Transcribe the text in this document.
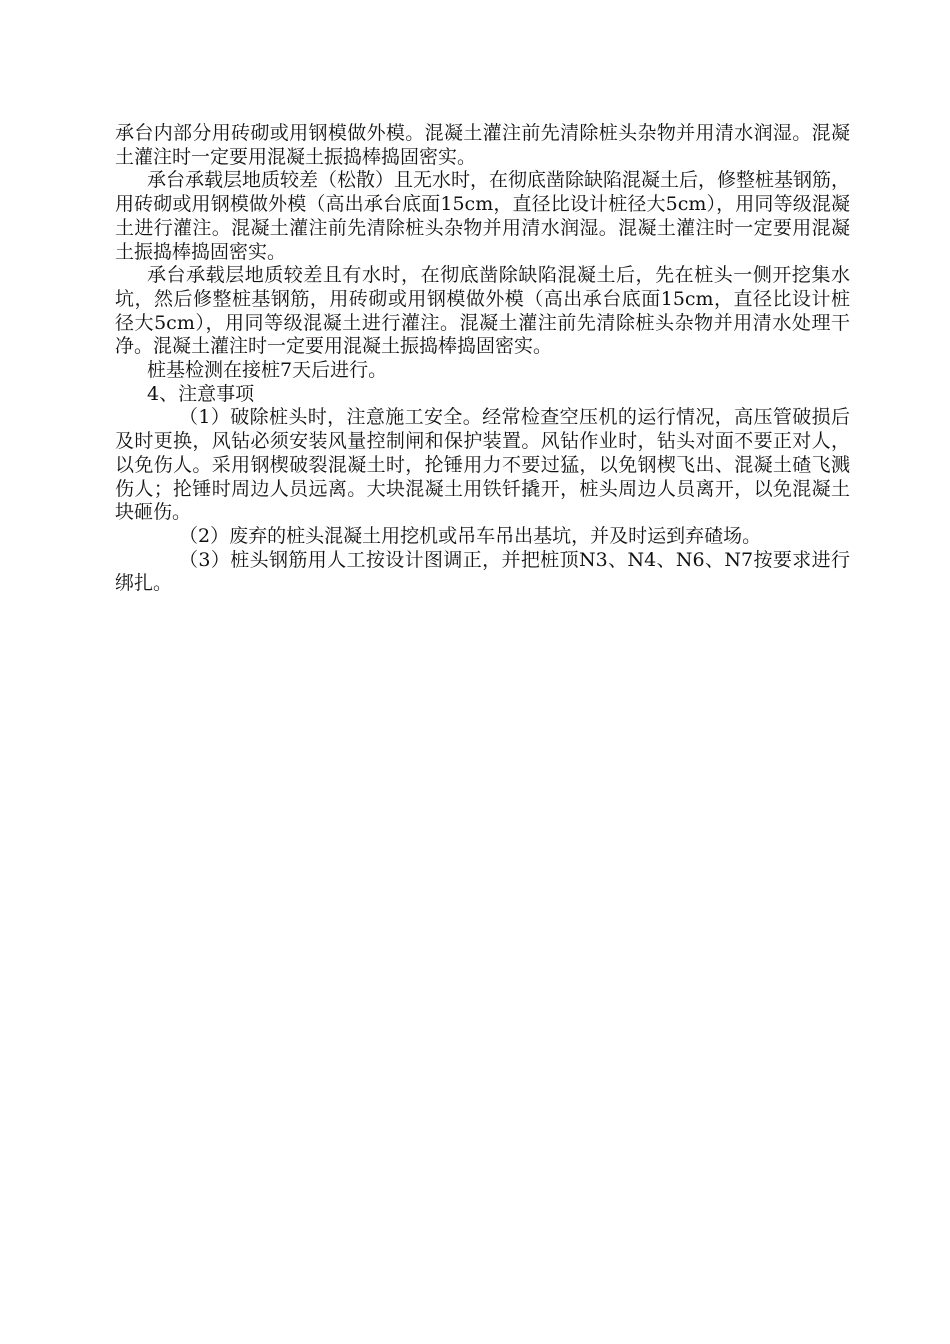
承台内部分用砖砌或用钢模做外模。混凝土灌注前先清除桩头杂物并用清水润湿。混凝土灌注时一定要用混凝土振捣棒捣固密实。

承台承载层地质较差（松散）且无水时，在彻底凿除缺陷混凝土后，修整桩基钢筋，用砖砌或用钢模做外模（高出承台底面15cm，直径比设计桩径大5cm），用同等级混凝土进行灌注。混凝土灌注前先清除桩头杂物并用清水润湿。混凝土灌注时一定要用混凝土振捣棒捣固密实。

承台承载层地质较差且有水时，在彻底凿除缺陷混凝土后，先在桩头一侧开挖集水坑，然后修整桩基钢筋，用砖砌或用钢模做外模（高出承台底面15cm，直径比设计桩径大5cm），用同等级混凝土进行灌注。混凝土灌注前先清除桩头杂物并用清水处理干净。混凝土灌注时一定要用混凝土振捣棒捣固密实。

桩基检测在接桩7天后进行。

4、注意事项

（1）破除桩头时，注意施工安全。经常检查空压机的运行情况，高压管破损后及时更换，风钻必须安装风量控制闸和保护装置。风钻作业时，钻头对面不要正对人，以免伤人。采用钢楔破裂混凝土时，抡锤用力不要过猛，以免钢楔飞出、混凝土碴飞溅伤人；抡锤时周边人员远离。大块混凝土用铁钎撬开，桩头周边人员离开，以免混凝土块砸伤。

（2）废弃的桩头混凝土用挖机或吊车吊出基坑，并及时运到弃碴场。

（3）桩头钢筋用人工按设计图调正，并把桩顶N3、N4、N6、N7按要求进行绑扎。
